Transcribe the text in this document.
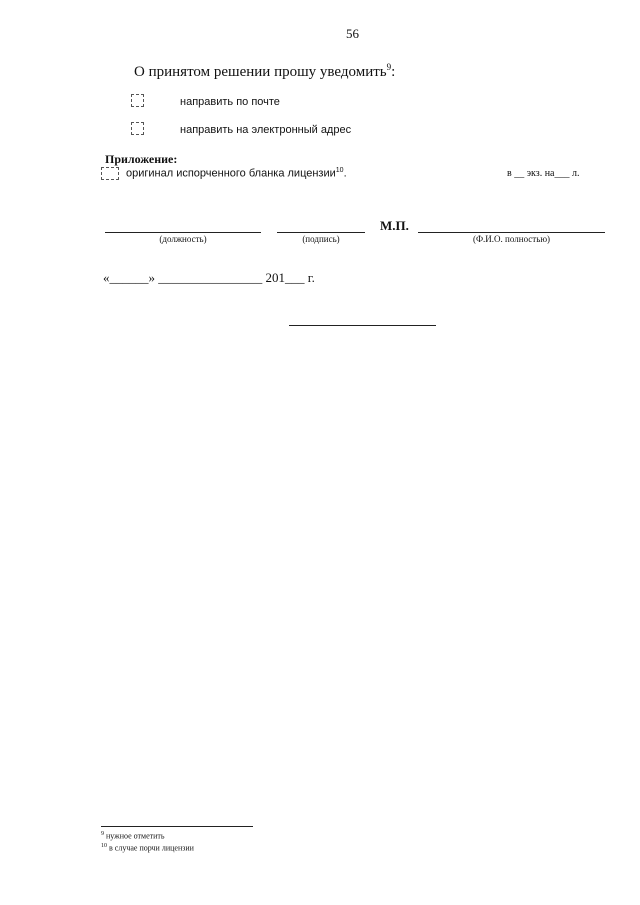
56
О принятом решении прошу уведомить$^9$:
направить по почте
направить на электронный адрес
Приложение:
оригинал испорченного бланка лицензии$^{10}$.	в __ экз. на___ л.
М.П.
(должность)	(подпись)	(Ф.И.О. полностью)
«______» ________________ 201___ г.
$^9$ нужное отметить
$^{10}$ в случае порчи лицензии
